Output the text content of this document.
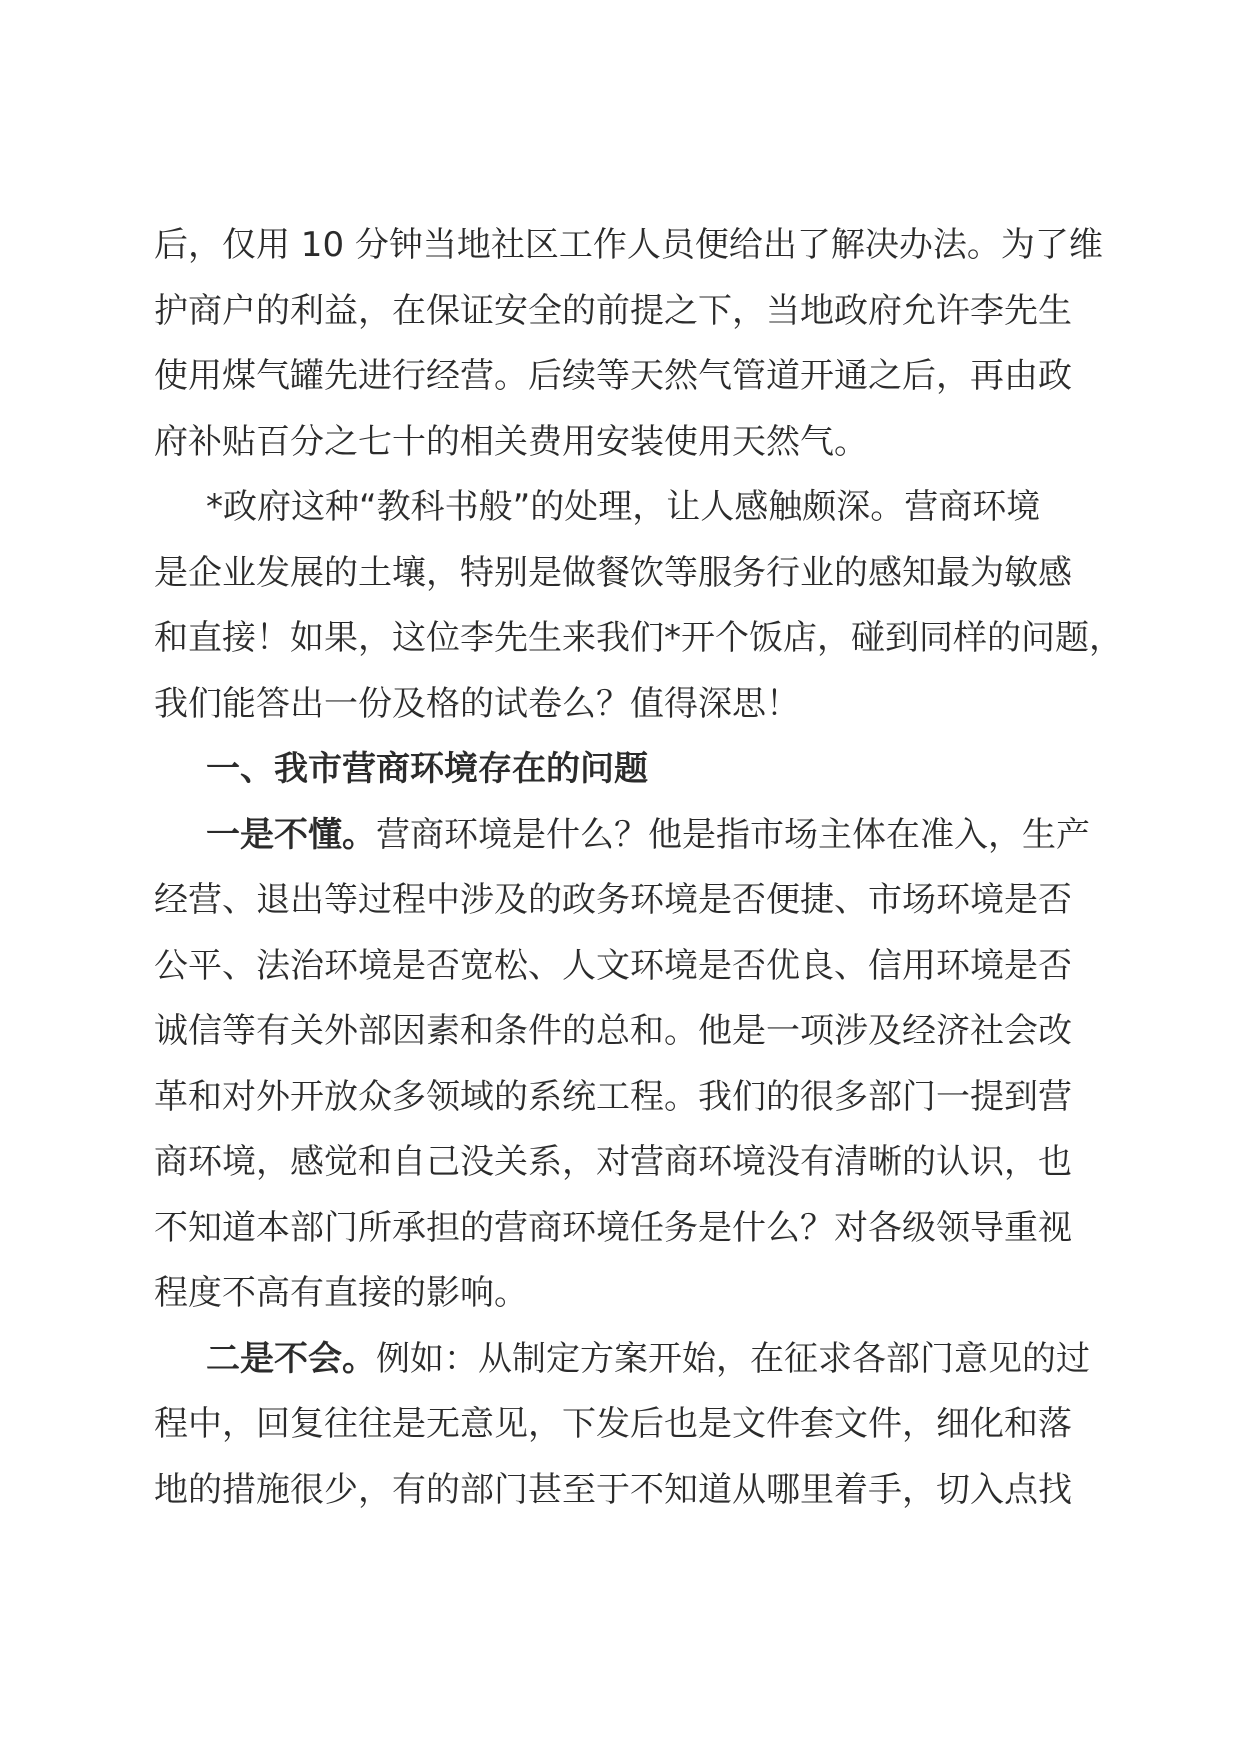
后，仅用 10 分钟当地社区工作人员便给出了解决办法。为了维
护商户的利益，在保证安全的前提之下，当地政府允许李先生
使用煤气罐先进行经营。后续等天然气管道开通之后，再由政
府补贴百分之七十的相关费用安装使用天然气。

*政府这种“教科书般”的处理，让人感触颇深。营商环境
是企业发展的土壤，特别是做餐饮等服务行业的感知最为敏感
和直接！如果，这位李先生来我们*开个饭店，碰到同样的问题，
我们能答出一份及格的试卷么？值得深思！

一、我市营商环境存在的问题

一是不懂。营商环境是什么？他是指市场主体在准入，生产
经营、退出等过程中涉及的政务环境是否便捷、市场环境是否
公平、法治环境是否宽松、人文环境是否优良、信用环境是否
诚信等有关外部因素和条件的总和。他是一项涉及经济社会改
革和对外开放众多领域的系统工程。我们的很多部门一提到营
商环境，感觉和自己没关系，对营商环境没有清晰的认识，也
不知道本部门所承担的营商环境任务是什么？对各级领导重视
程度不高有直接的影响。

二是不会。例如：从制定方案开始，在征求各部门意见的过
程中，回复往往是无意见，下发后也是文件套文件，细化和落
地的措施很少，有的部门甚至于不知道从哪里着手，切入点找
